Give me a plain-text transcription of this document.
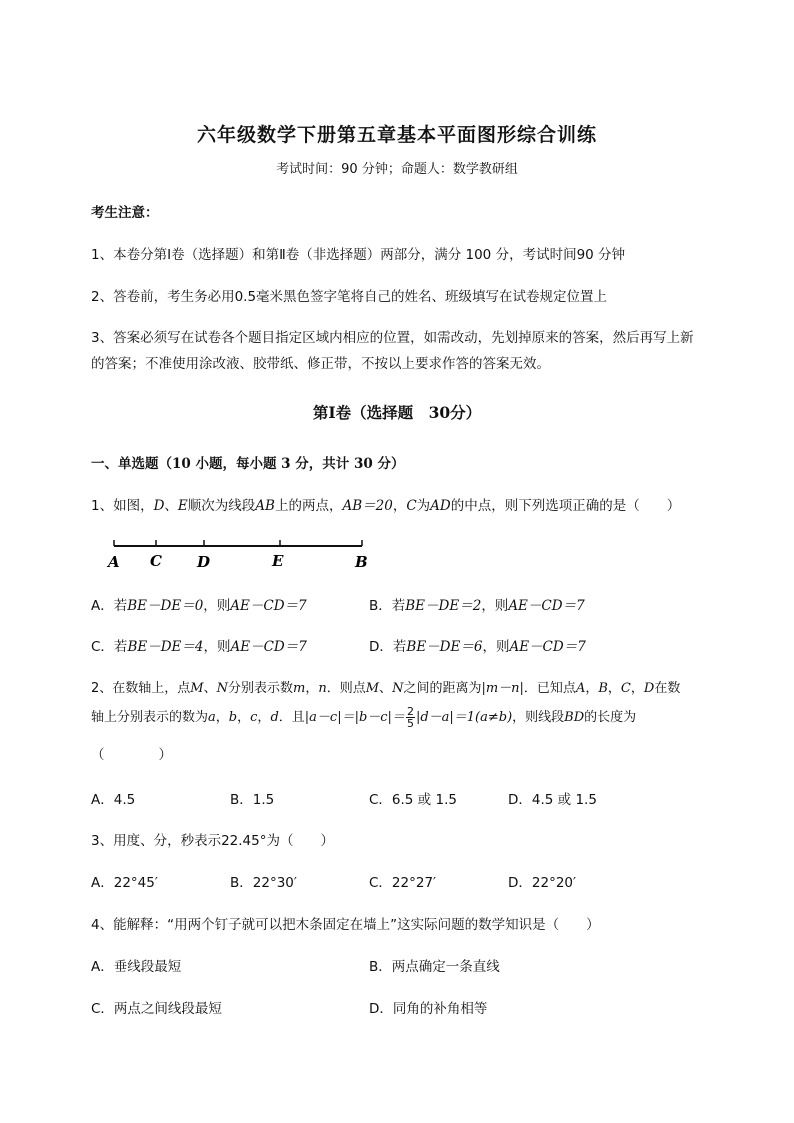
六年级数学下册第五章基本平面图形综合训练
考试时间：90 分钟；命题人：数学教研组
考生注意：
1、本卷分第Ⅰ卷（选择题）和第Ⅱ卷（非选择题）两部分，满分 100 分，考试时间90 分钟
2、答卷前，考生务必用0.5毫米黑色签字笔将自己的姓名、班级填写在试卷规定位置上
3、答案必须写在试卷各个题目指定区域内相应的位置，如需改动，先划掉原来的答案，然后再写上新
的答案；不准使用涂改液、胶带纸、修正带，不按以上要求作答的答案无效。
第Ⅰ卷（选择题　30分）
一、单选题（10 小题，每小题 3 分，共计 30 分）
1、如图，D、E顺次为线段AB上的两点，AB＝20，C为AD的中点，则下列选项正确的是（　　）
A C D	E	B
A．若BE－DE＝0，则AE－CD＝7	B．若BE－DE＝2，则AE－CD＝7
C．若BE－DE＝4，则AE－CD＝7	D．若BE－DE＝6，则AE－CD＝7
2、在数轴上，点M、N分别表示数m，n．则点M、N之间的距离为|m－n|．已知点A，B，C，D在数
轴上分别表示的数为a，b，c，d．且$|a-c|=|b-c|= \frac{2}{5} |d-a|=1(a\ne b)$，则线段BD的长度为
（　　　　）
A．4.5	B．1.5	C．6.5 或 1.5	D．4.5 或 1.5
3、用度、分，秒表示22.45°为（　　）
A．22°45′	B．22°30′	C．22°27′	D．22°20′
4、能解释：“用两个钉子就可以把木条固定在墙上”这实际问题的数学知识是（　　）
A．垂线段最短	B．两点确定一条直线
C．两点之间线段最短	D．同角的补角相等
